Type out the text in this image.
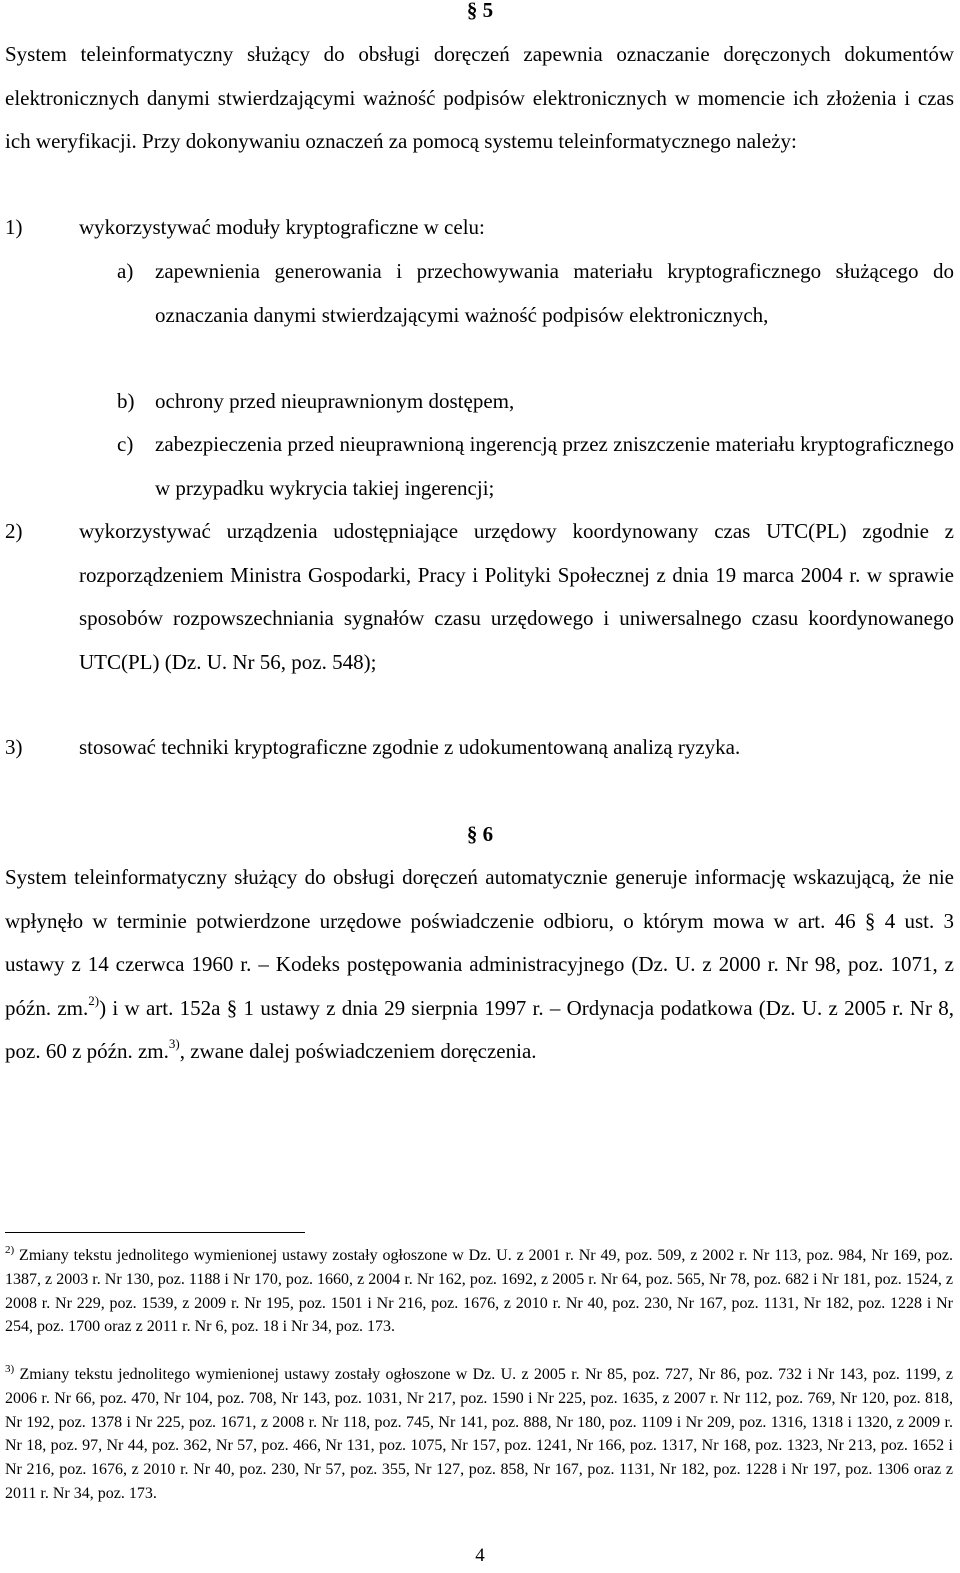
§ 5

System teleinformatyczny służący do obsługi doręczeń zapewnia oznaczanie doręczonych dokumentów elektronicznych danymi stwierdzającymi ważność podpisów elektronicznych w momencie ich złożenia i czas ich weryfikacji. Przy dokonywaniu oznaczeń za pomocą systemu teleinformatycznego należy:

1)	wykorzystywać moduły kryptograficzne w celu:
a) zapewnienia generowania i przechowywania materiału kryptograficznego służącego do oznaczania danymi stwierdzającymi ważność podpisów elektronicznych,
b) ochrony przed nieuprawnionym dostępem,
c) zabezpieczenia przed nieuprawnioną ingerencją przez zniszczenie materiału kryptograficznego w przypadku wykrycia takiej ingerencji;
2)	wykorzystywać urządzenia udostępniające urzędowy koordynowany czas UTC(PL) zgodnie z rozporządzeniem Ministra Gospodarki, Pracy i Polityki Społecznej z dnia 19 marca 2004 r. w sprawie sposobów rozpowszechniania sygnałów czasu urzędowego i uniwersalnego czasu koordynowanego UTC(PL) (Dz. U. Nr 56, poz. 548);
3)	stosować techniki kryptograficzne zgodnie z udokumentowaną analizą ryzyka.
§ 6

System teleinformatyczny służący do obsługi doręczeń automatycznie generuje informację wskazującą, że nie wpłynęło w terminie potwierdzone urzędowe poświadczenie odbioru, o którym mowa w art. 46 § 4 ust. 3 ustawy z 14 czerwca 1960 r. – Kodeks postępowania administracyjnego (Dz. U. z 2000 r. Nr 98, poz. 1071, z późn. zm.$^{2)}$) i w art. 152a § 1 ustawy z dnia 29 sierpnia 1997 r. – Ordynacja podatkowa (Dz. U. z 2005 r. Nr 8, poz. 60 z późn. zm.$^{3)}$, zwane dalej poświadczeniem doręczenia.

$^{2)}$ Zmiany tekstu jednolitego wymienionej ustawy zostały ogłoszone w Dz. U. z 2001 r. Nr 49, poz. 509, z 2002 r. Nr 113, poz. 984, Nr 169, poz. 1387, z 2003 r. Nr 130, poz. 1188 i Nr 170, poz. 1660, z 2004 r. Nr 162, poz. 1692, z 2005 r. Nr 64, poz. 565, Nr 78, poz. 682 i Nr 181, poz. 1524, z 2008 r. Nr 229, poz. 1539, z 2009 r. Nr 195, poz. 1501 i Nr 216, poz. 1676, z 2010 r. Nr 40, poz. 230, Nr 167, poz. 1131, Nr 182, poz. 1228 i Nr 254, poz. 1700 oraz z 2011 r. Nr 6, poz. 18 i Nr 34, poz. 173.

$^{3)}$ Zmiany tekstu jednolitego wymienionej ustawy zostały ogłoszone w Dz. U. z 2005 r. Nr 85, poz. 727, Nr 86, poz. 732 i Nr 143, poz. 1199, z 2006 r. Nr 66, poz. 470, Nr 104, poz. 708, Nr 143, poz. 1031, Nr 217, poz. 1590 i Nr 225, poz. 1635, z 2007 r. Nr 112, poz. 769, Nr 120, poz. 818, Nr 192, poz. 1378 i Nr 225, poz. 1671, z 2008 r. Nr 118, poz. 745, Nr 141, poz. 888, Nr 180, poz. 1109 i Nr 209, poz. 1316, 1318 i 1320, z 2009 r. Nr 18, poz. 97, Nr 44, poz. 362, Nr 57, poz. 466, Nr 131, poz. 1075, Nr 157, poz. 1241, Nr 166, poz. 1317, Nr 168, poz. 1323, Nr 213, poz. 1652 i Nr 216, poz. 1676, z 2010 r. Nr 40, poz. 230, Nr 57, poz. 355, Nr 127, poz. 858, Nr 167, poz. 1131, Nr 182, poz. 1228 i Nr 197, poz. 1306 oraz z 2011 r. Nr 34, poz. 173.

4
